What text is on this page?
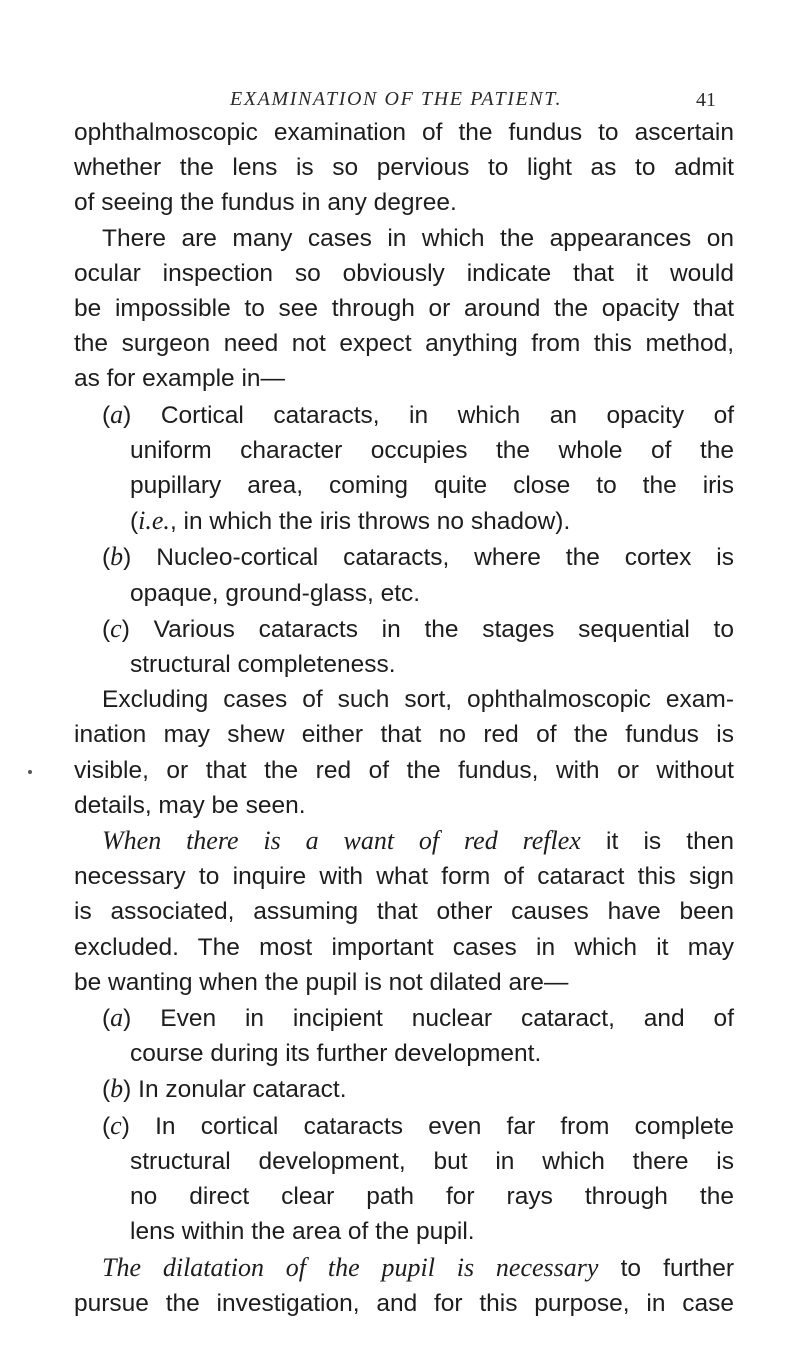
EXAMINATION OF THE PATIENT.	41
ophthalmoscopic examination of the fundus to ascertain
whether the lens is so pervious to light as to admit
of seeing the fundus in any degree.
There are many cases in which the appearances on
ocular inspection so obviously indicate that it would
be impossible to see through or around the opacity that
the surgeon need not expect anything from this method,
as for example in—
(a) Cortical cataracts, in which an opacity of
uniform character occupies the whole of the
pupillary area, coming quite close to the iris
(i.e., in which the iris throws no shadow).
(b) Nucleo-cortical cataracts, where the cortex is
opaque, ground-glass, etc.
(c) Various cataracts in the stages sequential to
structural completeness.
Excluding cases of such sort, ophthalmoscopic exam-
ination may shew either that no red of the fundus is
visible, or that the red of the fundus, with or without
details, may be seen.
When there is a want of red reflex it is then
necessary to inquire with what form of cataract this sign
is associated, assuming that other causes have been
excluded. The most important cases in which it may
be wanting when the pupil is not dilated are—
(a) Even in incipient nuclear cataract, and of
course during its further development.
(b) In zonular cataract.
(c) In cortical cataracts even far from complete
structural development, but in which there is
no direct clear path for rays through the
lens within the area of the pupil.
The dilatation of the pupil is necessary to further
pursue the investigation, and for this purpose, in case
